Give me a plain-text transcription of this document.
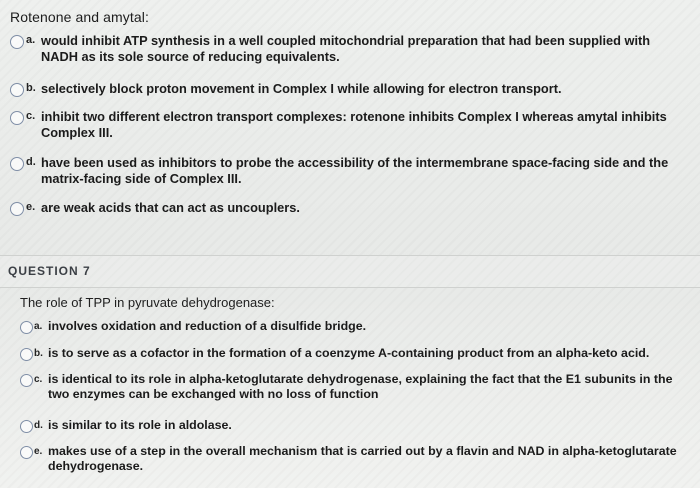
Rotenone and amytal:
a. would inhibit ATP synthesis in a well coupled mitochondrial preparation that had been supplied with NADH as its sole source of reducing equivalents.
b. selectively block proton movement in Complex I while allowing for electron transport.
c. inhibit two different electron transport complexes: rotenone inhibits Complex I whereas amytal inhibits Complex III.
d. have been used as inhibitors to probe the accessibility of the intermembrane space-facing side and the matrix-facing side of Complex III.
e. are weak acids that can act as uncouplers.
QUESTION 7
The role of TPP in pyruvate dehydrogenase:
a. involves oxidation and reduction of a disulfide bridge.
b. is to serve as a cofactor in the formation of a coenzyme A-containing product from an alpha-keto acid.
c. is identical to its role in alpha-ketoglutarate dehydrogenase, explaining the fact that the E1 subunits in the two enzymes can be exchanged with no loss of function
d. is similar to its role in aldolase.
e. makes use of a step in the overall mechanism that is carried out by a flavin and NAD in alpha-ketoglutarate dehydrogenase.
